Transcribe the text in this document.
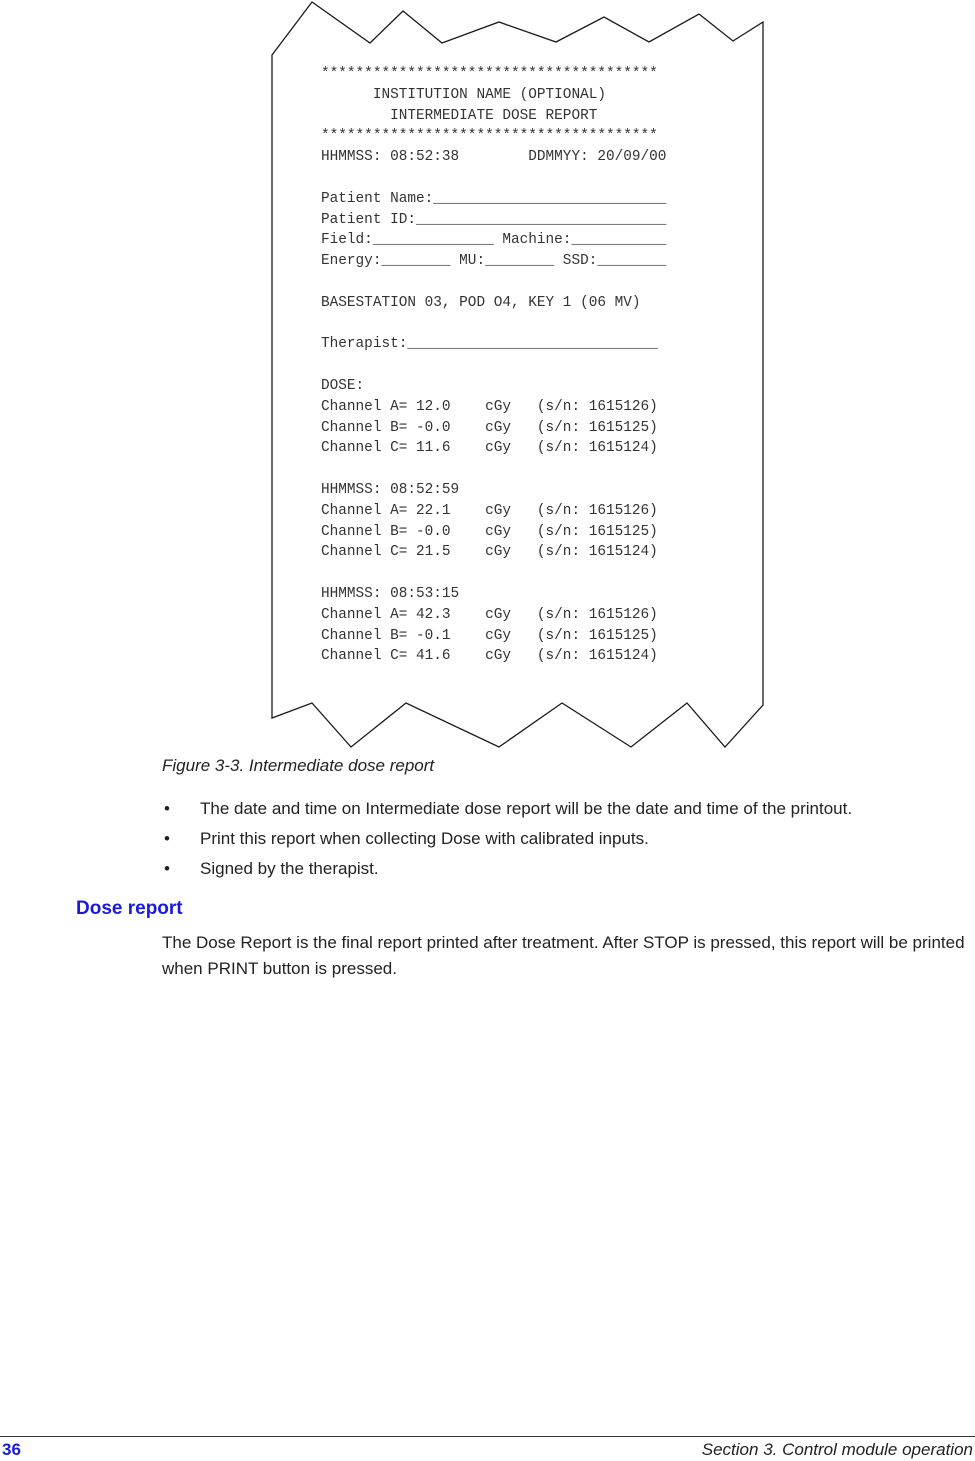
***************************************
INSTITUTION NAME (OPTIONAL)
INTERMEDIATE DOSE REPORT
***************************************
HHMMSS: 08:52:38        DDMMYY: 20/09/00
Patient Name:___________________________
Patient ID:_____________________________
Field:______________ Machine:___________
Energy:________ MU:________ SSD:________
BASESTATION 03, POD O4, KEY 1 (06 MV)
Therapist:_____________________________
DOSE:
Channel A= 12.0    cGy   (s/n: 1615126)
Channel B= -0.0    cGy   (s/n: 1615125)
Channel C= 11.6    cGy   (s/n: 1615124)
HHMMSS: 08:52:59
Channel A= 22.1    cGy   (s/n: 1615126)
Channel B= -0.0    cGy   (s/n: 1615125)
Channel C= 21.5    cGy   (s/n: 1615124)
HHMMSS: 08:53:15
Channel A= 42.3    cGy   (s/n: 1615126)
Channel B= -0.1    cGy   (s/n: 1615125)
Channel C= 41.6    cGy   (s/n: 1615124)
Figure 3-3. Intermediate dose report
• The date and time on Intermediate dose report will be the date and time of the printout.
• Print this report when collecting Dose with calibrated inputs.
• Signed by the therapist.
Dose report

The Dose Report is the final report printed after treatment. After STOP is pressed, this report will be printed when PRINT button is pressed.

36	Section 3. Control module operation
